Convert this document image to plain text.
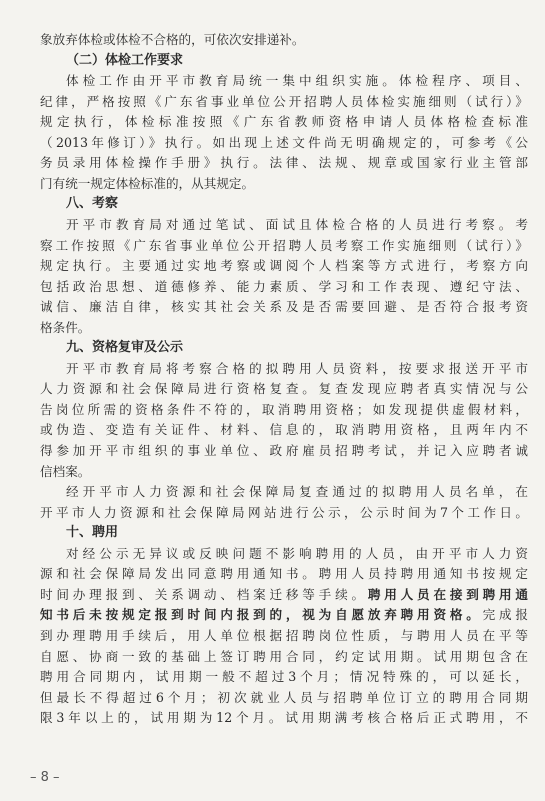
象放弃体检或体检不合格的，可依次安排递补。
（二）体检工作要求
体检工作由开平市教育局统一集中组织实施。体检程序、项目、
纪律，严格按照《广东省事业单位公开招聘人员体检实施细则（试行）》
规定执行，体检标准按照《广东省教师资格申请人员体格检查标准
（2013年修订）》执行。如出现上述文件尚无明确规定的，可参考《公
务员录用体检操作手册》执行。法律、法规、规章或国家行业主管部
门有统一规定体检标准的，从其规定。
八、考察
开平市教育局对通过笔试、面试且体检合格的人员进行考察。考
察工作按照《广东省事业单位公开招聘人员考察工作实施细则（试行）》
规定执行。主要通过实地考察或调阅个人档案等方式进行，考察方向
包括政治思想、道德修养、能力素质、学习和工作表现、遵纪守法、
诚信、廉洁自律，核实其社会关系及是否需要回避、是否符合报考资
格条件。
九、资格复审及公示
开平市教育局将考察合格的拟聘用人员资料，按要求报送开平市
人力资源和社会保障局进行资格复查。复查发现应聘者真实情况与公
告岗位所需的资格条件不符的，取消聘用资格；如发现提供虚假材料，
或伪造、变造有关证件、材料、信息的，取消聘用资格，且两年内不
得参加开平市组织的事业单位、政府雇员招聘考试，并记入应聘者诚
信档案。
经开平市人力资源和社会保障局复查通过的拟聘用人员名单，在
开平市人力资源和社会保障局网站进行公示，公示时间为7个工作日。
十、聘用
对经公示无异议或反映问题不影响聘用的人员，由开平市人力资
源和社会保障局发出同意聘用通知书。聘用人员持聘用通知书按规定
时间办理报到、关系调动、档案迁移等手续。聘用人员在接到聘用通
知书后未按规定报到时间内报到的，视为自愿放弃聘用资格。完成报
到办理聘用手续后，用人单位根据招聘岗位性质，与聘用人员在平等
自愿、协商一致的基础上签订聘用合同，约定试用期。试用期包含在
聘用合同期内，试用期一般不超过3个月；情况特殊的，可以延长，
但最长不得超过6个月；初次就业人员与招聘单位订立的聘用合同期
限3年以上的，试用期为12个月。试用期满考核合格后正式聘用，不
– 8 –
